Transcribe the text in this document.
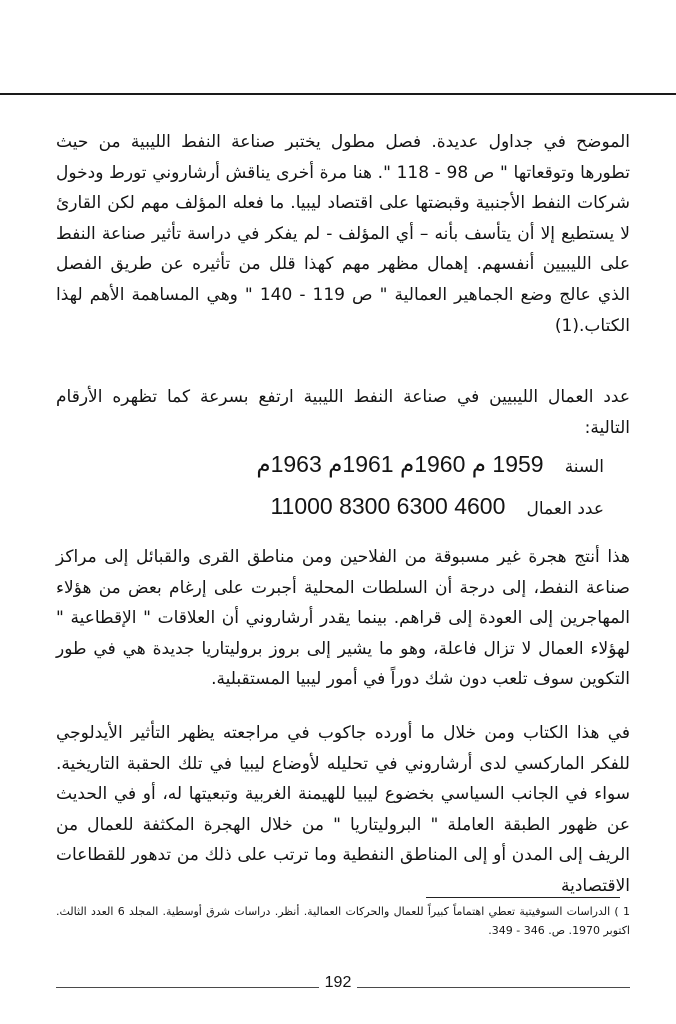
الموضح في جداول عديدة. فصل مطول يختبر صناعة النفط الليبية من حيث تطورها وتوقعاتها " ص 98 - 118 ". هنا مرة أخرى يناقش أرشاروني تورط ودخول شركات النفط الأجنبية وقبضتها على اقتصاد ليبيا. ما فعله المؤلف مهم لكن القارئ لا يستطيع إلا أن يتأسف بأنه – أي المؤلف - لم يفكر في دراسة تأثير صناعة النفط على الليبيين أنفسهم. إهمال مظهر مهم كهذا قلل من تأثيره عن طريق الفصل الذي عالج وضع الجماهير العمالية " ص 119 - 140 " وهي المساهمة الأهم لهذا الكتاب.(1)

عدد العمال الليبيين في صناعة النفط الليبية ارتفع بسرعة كما تظهره الأرقام التالية:

السنة 1959 م 1960م 1961م 1963م
عدد العمال 4600 6300 8300 11000

هذا أنتج هجرة غير مسبوقة من الفلاحين ومن مناطق القرى والقبائل إلى مراكز صناعة النفط، إلى درجة أن السلطات المحلية أجبرت على إرغام بعض من هؤلاء المهاجرين إلى العودة إلى قراهم. بينما يقدر أرشاروني أن العلاقات " الإقطاعية " لهؤلاء العمال لا تزال فاعلة، وهو ما يشير إلى بروز بروليتاريا جديدة هي في طور التكوين سوف تلعب دون شك دوراً في أمور ليبيا المستقبلية.

في هذا الكتاب ومن خلال ما أورده جاكوب في مراجعته يظهر التأثير الأيدلوجي للفكر الماركسي لدى أرشاروني في تحليله لأوضاع ليبيا في تلك الحقبة التاريخية. سواء في الجانب السياسي بخضوع ليبيا للهيمنة الغربية وتبعيتها له، أو في الحديث عن ظهور الطبقة العاملة " البروليتاريا " من خلال الهجرة المكثفة للعمال من الريف إلى المدن أو إلى المناطق النفطية وما ترتب على ذلك من تدهور للقطاعات الاقتصادية

1 ) الدراسات السوفيتية تعطي اهتماماً كبيراً للعمال والحركات العمالية. أنظر. دراسات شرق أوسطية. المجلد 6 العدد الثالث. اكتوبر 1970. ص. 346 - 349.

192
